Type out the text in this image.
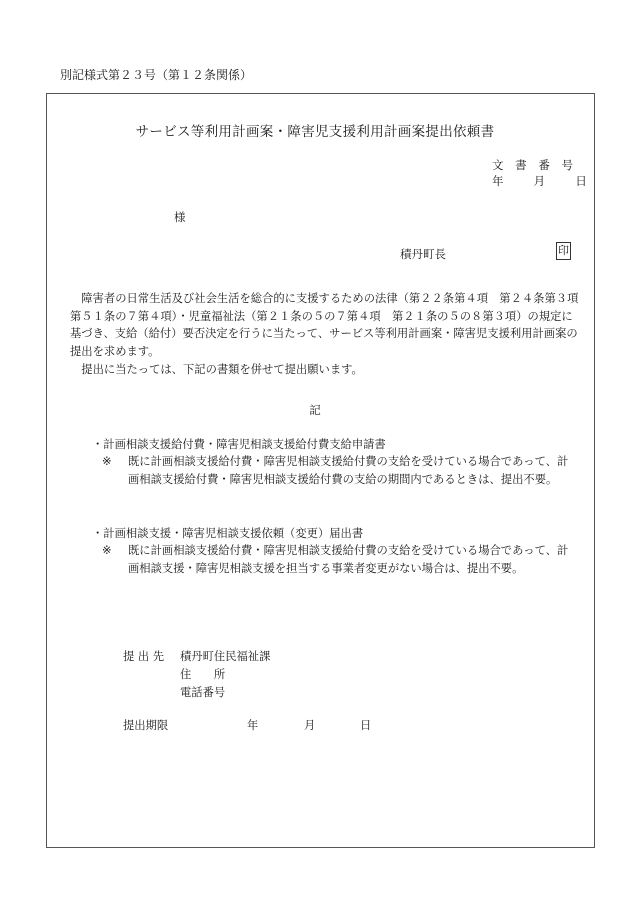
別記様式第２３号（第１２条関係）
サービス等利用計画案・障害児支援利用計画案提出依頼書
文 書 番 号
年	月	日
様
積丹町長	印

障害者の日常生活及び社会生活を総合的に支援するための法律（第２２条第４項　第２４条第３項第５１条の７第４項）・児童福祉法（第２１条の５の７第４項　第２１条の５の８第３項）の規定に基づき、支給（給付）要否決定を行うに当たって、サービス等利用計画案・障害児支援利用計画案の提出を求めます。

提出に当たっては、下記の書類を併せて提出願います。

記
・計画相談支援給付費・障害児相談支援給付費支給申請書
※ 既に計画相談支援給付費・障害児相談支援給付費の支給を受けている場合であって、計
画相談支援給付費・障害児相談支援給付費の支給の期間内であるときは、提出不要。
・計画相談支援・障害児相談支援依頼（変更）届出書
※ 既に計画相談支援給付費・障害児相談支援給付費の支給を受けている場合であって、計
画相談支援・障害児相談支援を担当する事業者変更がない場合は、提出不要。
提 出 先 積丹町住民福祉課
住　　所
電話番号
提出期限	年	月	日
